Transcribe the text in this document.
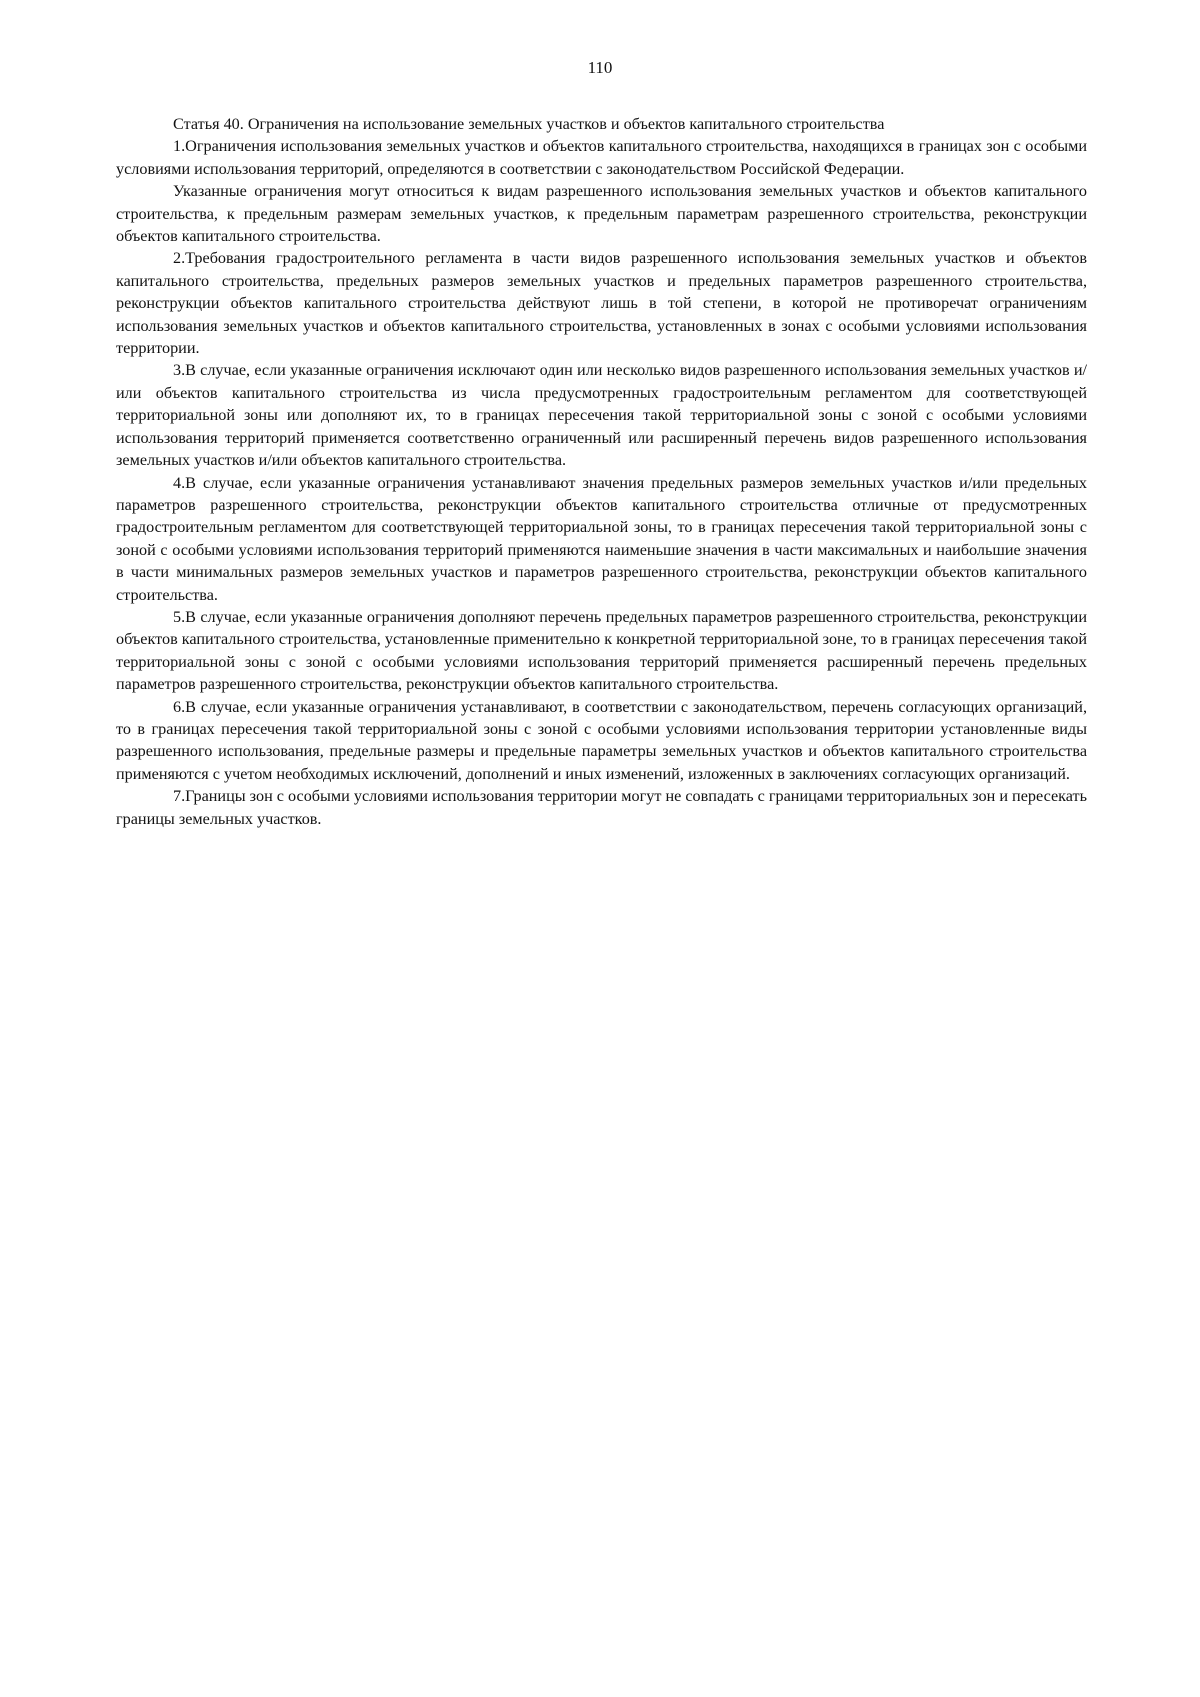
110
Статья 40. Ограничения на использование земельных участков и объектов капитального строительства

1.Ограничения использования земельных участков и объектов капитального строительства, находящихся в границах зон с особыми условиями использования территорий, определяются в соответствии с законодательством Российской Федерации.

Указанные ограничения могут относиться к видам разрешенного использования земельных участков и объектов капитального строительства, к предельным размерам земельных участков, к предельным параметрам разрешенного строительства, реконструкции объектов капитального строительства.

2.Требования градостроительного регламента в части видов разрешенного использования земельных участков и объектов капитального строительства, предельных размеров земельных участков и предельных параметров разрешенного строительства, реконструкции объектов капитального строительства действуют лишь в той степени, в которой не противоречат ограничениям использования земельных участков и объектов капитального строительства, установленных в зонах с особыми условиями использования территории.

3.В случае, если указанные ограничения исключают один или несколько видов разрешенного использования земельных участков и/или объектов капитального строительства из числа предусмотренных градостроительным регламентом для соответствующей территориальной зоны или дополняют их, то в границах пересечения такой территориальной зоны с зоной с особыми условиями использования территорий применяется соответственно ограниченный или расширенный перечень видов разрешенного использования земельных участков и/или объектов капитального строительства.

4.В случае, если указанные ограничения устанавливают значения предельных размеров земельных участков и/или предельных параметров разрешенного строительства, реконструкции объектов капитального строительства отличные от предусмотренных градостроительным регламентом для соответствующей территориальной зоны, то в границах пересечения такой территориальной зоны с зоной с особыми условиями использования территорий применяются наименьшие значения в части максимальных и наибольшие значения в части минимальных размеров земельных участков и параметров разрешенного строительства, реконструкции объектов капитального строительства.

5.В случае, если указанные ограничения дополняют перечень предельных параметров разрешенного строительства, реконструкции объектов капитального строительства, установленные применительно к конкретной территориальной зоне, то в границах пересечения такой территориальной зоны с зоной с особыми условиями использования территорий применяется расширенный перечень предельных параметров разрешенного строительства, реконструкции объектов капитального строительства.

6.В случае, если указанные ограничения устанавливают, в соответствии с законодательством, перечень согласующих организаций, то в границах пересечения такой территориальной зоны с зоной с особыми условиями использования территории установленные виды разрешенного использования, предельные размеры и предельные параметры земельных участков и объектов капитального строительства применяются с учетом необходимых исключений, дополнений и иных изменений, изложенных в заключениях согласующих организаций.

7.Границы зон с особыми условиями использования территории могут не совпадать с границами территориальных зон и пересекать границы земельных участков.
